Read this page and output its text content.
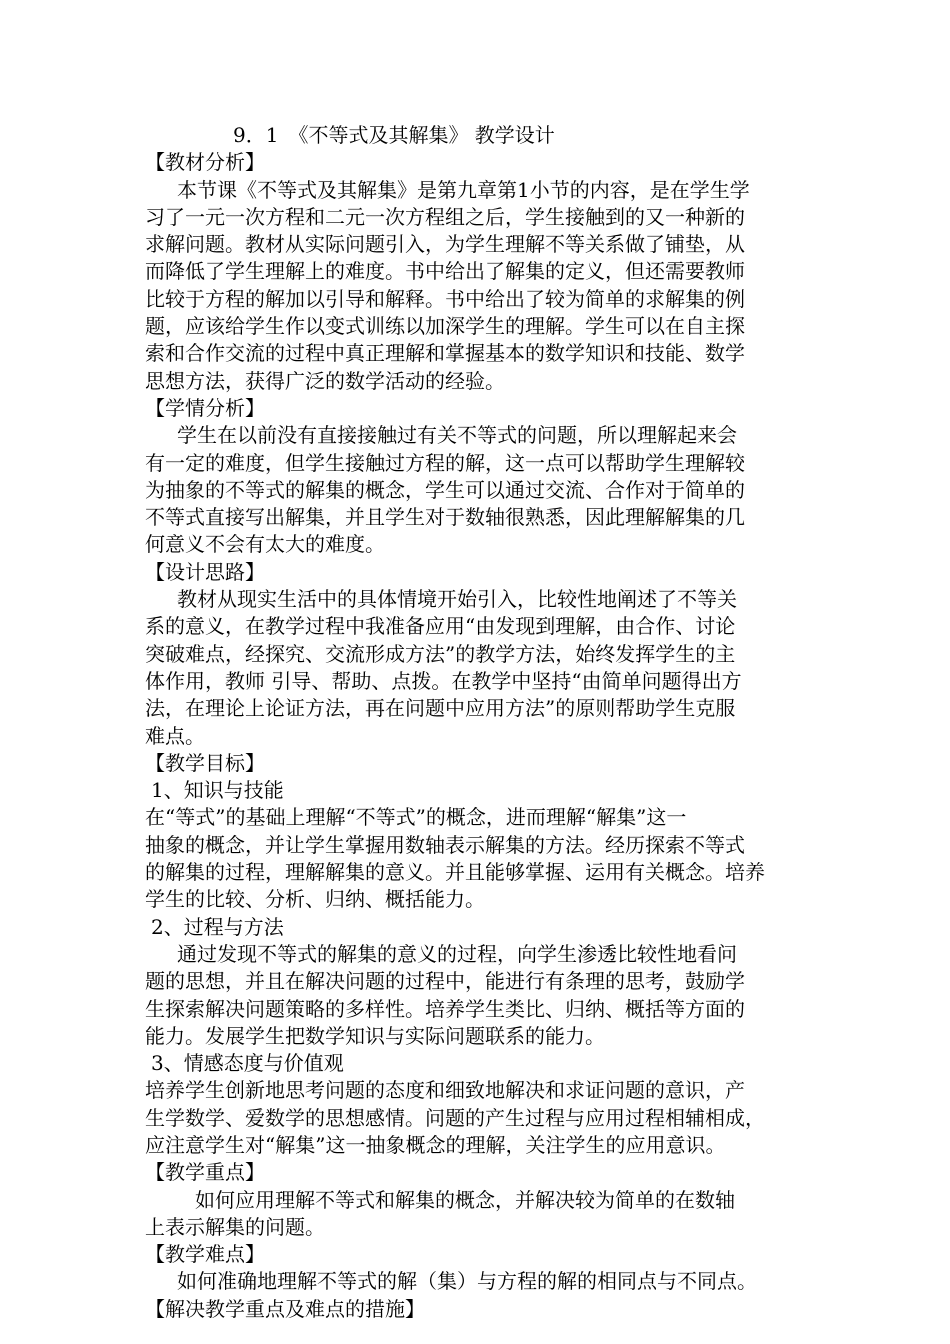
9．1　《不等式及其解集》 教学设计
【教材分析】
本节课《不等式及其解集》是第九章第1小节的内容，是在学生学
习了一元一次方程和二元一次方程组之后，学生接触到的又一种新的
求解问题。教材从实际问题引入，为学生理解不等关系做了铺垫，从
而降低了学生理解上的难度。书中给出了解集的定义，但还需要教师
比较于方程的解加以引导和解释。书中给出了较为简单的求解集的例
题，应该给学生作以变式训练以加深学生的理解。学生可以在自主探
索和合作交流的过程中真正理解和掌握基本的数学知识和技能、数学
思想方法，获得广泛的数学活动的经验。
【学情分析】
学生在以前没有直接接触过有关不等式的问题，所以理解起来会
有一定的难度，但学生接触过方程的解，这一点可以帮助学生理解较
为抽象的不等式的解集的概念，学生可以通过交流、合作对于简单的
不等式直接写出解集，并且学生对于数轴很熟悉，因此理解解集的几
何意义不会有太大的难度。
【设计思路】
教材从现实生活中的具体情境开始引入，比较性地阐述了不等关
系的意义，在教学过程中我准备应用“由发现到理解，由合作、讨论
突破难点，经探究、交流形成方法”的教学方法，始终发挥学生的主
体作用，教师 引导、帮助、点拨。在教学中坚持“由简单问题得出方
法，在理论上论证方法，再在问题中应用方法”的原则帮助学生克服
难点。
【教学目标】
1、知识与技能
在“等式”的基础上理解“不等式”的概念，进而理解“解集”这一
抽象的概念，并让学生掌握用数轴表示解集的方法。经历探索不等式
的解集的过程，理解解集的意义。并且能够掌握、运用有关概念。培养
学生的比较、分析、归纳、概括能力。
2、过程与方法
通过发现不等式的解集的意义的过程，向学生渗透比较性地看问
题的思想，并且在解决问题的过程中，能进行有条理的思考，鼓励学
生探索解决问题策略的多样性。培养学生类比、归纳、概括等方面的
能力。发展学生把数学知识与实际问题联系的能力。
3、情感态度与价值观
培养学生创新地思考问题的态度和细致地解决和求证问题的意识，产
生学数学、爱数学的思想感情。问题的产生过程与应用过程相辅相成，
应注意学生对“解集”这一抽象概念的理解，关注学生的应用意识。
【教学重点】
如何应用理解不等式和解集的概念，并解决较为简单的在数轴
上表示解集的问题。
【教学难点】
如何准确地理解不等式的解（集）与方程的解的相同点与不同点。
【解决教学重点及难点的措施】
